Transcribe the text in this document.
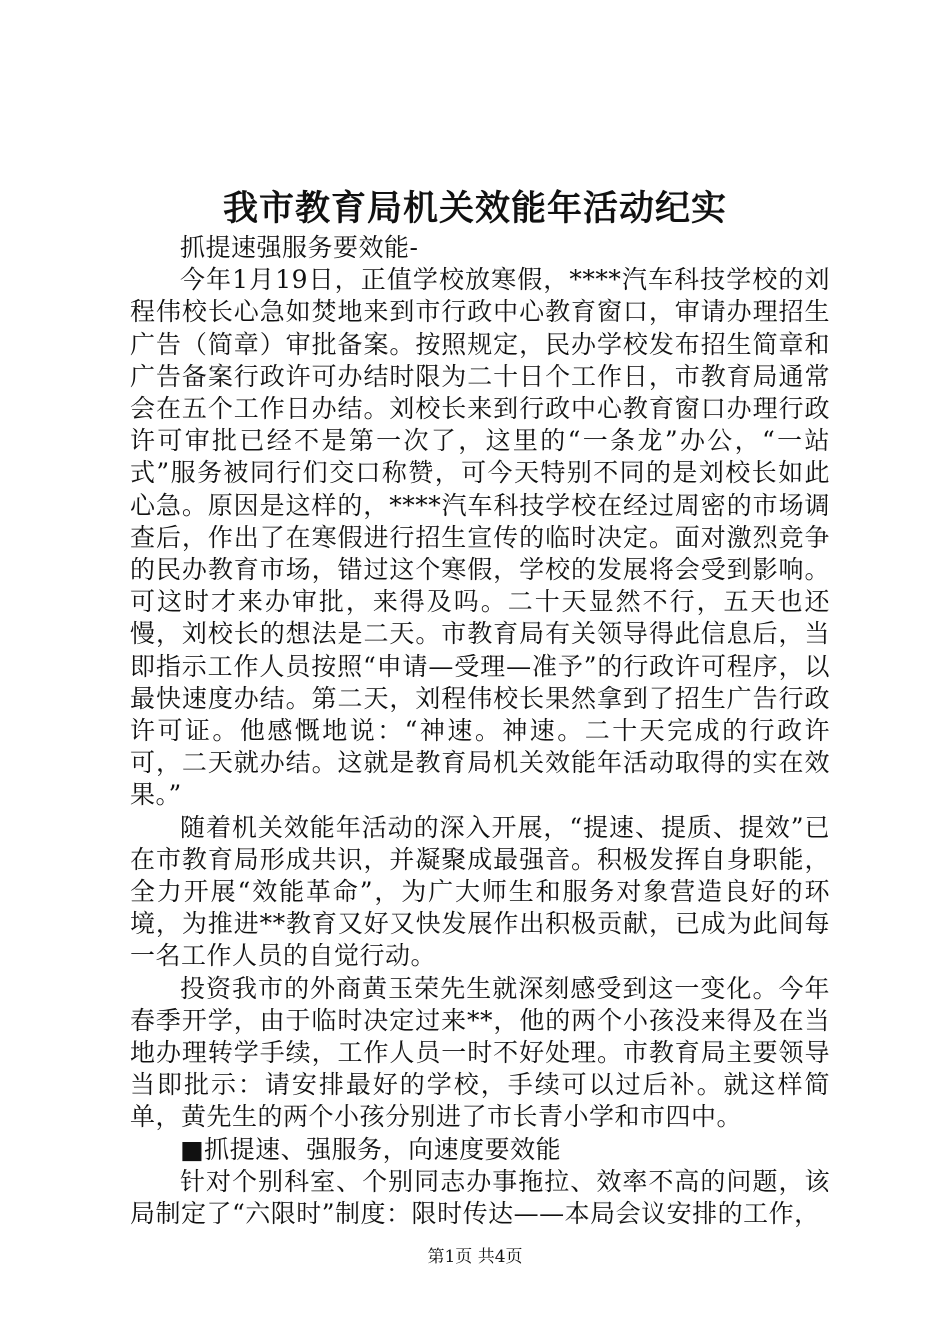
我市教育局机关效能年活动纪实

抓提速强服务要效能-

今年1月19日，正值学校放寒假，****汽车科技学校的刘程伟校长心急如焚地来到市行政中心教育窗口，审请办理招生广告（简章）审批备案。按照规定，民办学校发布招生简章和广告备案行政许可办结时限为二十日个工作日，市教育局通常会在五个工作日办结。刘校长来到行政中心教育窗口办理行政许可审批已经不是第一次了，这里的“一条龙”办公，“一站式”服务被同行们交口称赞，可今天特别不同的是刘校长如此心急。原因是这样的，****汽车科技学校在经过周密的市场调查后，作出了在寒假进行招生宣传的临时决定。面对激烈竞争的民办教育市场，错过这个寒假，学校的发展将会受到影响。可这时才来办审批，来得及吗。二十天显然不行，五天也还慢，刘校长的想法是二天。市教育局有关领导得此信息后，当即指示工作人员按照“申请—受理—准予”的行政许可程序，以最快速度办结。第二天，刘程伟校长果然拿到了招生广告行政许可证。他感慨地说：“神速。神速。二十天完成的行政许可，二天就办结。这就是教育局机关效能年活动取得的实在效果。”

随着机关效能年活动的深入开展，“提速、提质、提效”已在市教育局形成共识，并凝聚成最强音。积极发挥自身职能，全力开展“效能革命”，为广大师生和服务对象营造良好的环境，为推进**教育又好又快发展作出积极贡献，已成为此间每一名工作人员的自觉行动。

投资我市的外商黄玉荣先生就深刻感受到这一变化。今年春季开学，由于临时决定过来**，他的两个小孩没来得及在当地办理转学手续，工作人员一时不好处理。市教育局主要领导当即批示：请安排最好的学校，手续可以过后补。就这样简单，黄先生的两个小孩分别进了市长青小学和市四中。

■抓提速、强服务，向速度要效能

针对个别科室、个别同志办事拖拉、效率不高的问题，该局制定了“六限时”制度：限时传达——本局会议安排的工作，

第1页 共4页
